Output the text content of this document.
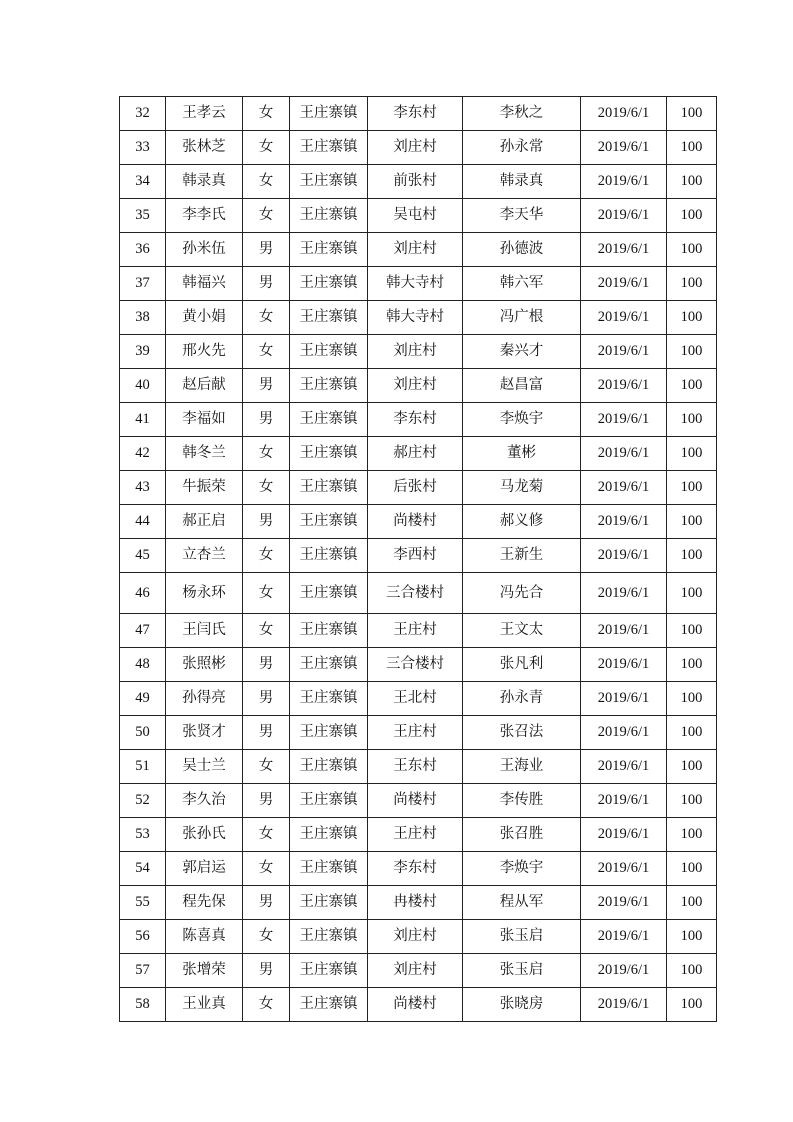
32	王孝云	女	王庄寨镇	李东村	李秋之	2019/6/1	100
33	张林芝	女	王庄寨镇	刘庄村	孙永常	2019/6/1	100
34	韩录真	女	王庄寨镇	前张村	韩录真	2019/6/1	100
35	李李氏	女	王庄寨镇	吴屯村	李天华	2019/6/1	100
36	孙米伍	男	王庄寨镇	刘庄村	孙德波	2019/6/1	100
37	韩福兴	男	王庄寨镇	韩大寺村	韩六军	2019/6/1	100
38	黄小娟	女	王庄寨镇	韩大寺村	冯广根	2019/6/1	100
39	邢火先	女	王庄寨镇	刘庄村	秦兴才	2019/6/1	100
40	赵后献	男	王庄寨镇	刘庄村	赵昌富	2019/6/1	100
41	李福如	男	王庄寨镇	李东村	李焕宇	2019/6/1	100
42	韩冬兰	女	王庄寨镇	郝庄村	董彬	2019/6/1	100
43	牛振荣	女	王庄寨镇	后张村	马龙菊	2019/6/1	100
44	郝正启	男	王庄寨镇	尚楼村	郝义修	2019/6/1	100
45	立杏兰	女	王庄寨镇	李西村	王新生	2019/6/1	100
46	杨永环	女	王庄寨镇	三合楼村	冯先合	2019/6/1	100
47	王闫氏	女	王庄寨镇	王庄村	王文太	2019/6/1	100
48	张照彬	男	王庄寨镇	三合楼村	张凡利	2019/6/1	100
49	孙得亮	男	王庄寨镇	王北村	孙永青	2019/6/1	100
50	张贤才	男	王庄寨镇	王庄村	张召法	2019/6/1	100
51	吴士兰	女	王庄寨镇	王东村	王海业	2019/6/1	100
52	李久治	男	王庄寨镇	尚楼村	李传胜	2019/6/1	100
53	张孙氏	女	王庄寨镇	王庄村	张召胜	2019/6/1	100
54	郭启运	女	王庄寨镇	李东村	李焕宇	2019/6/1	100
55	程先保	男	王庄寨镇	冉楼村	程从军	2019/6/1	100
56	陈喜真	女	王庄寨镇	刘庄村	张玉启	2019/6/1	100
57	张增荣	男	王庄寨镇	刘庄村	张玉启	2019/6/1	100
58	王业真	女	王庄寨镇	尚楼村	张晓房	2019/6/1	100
